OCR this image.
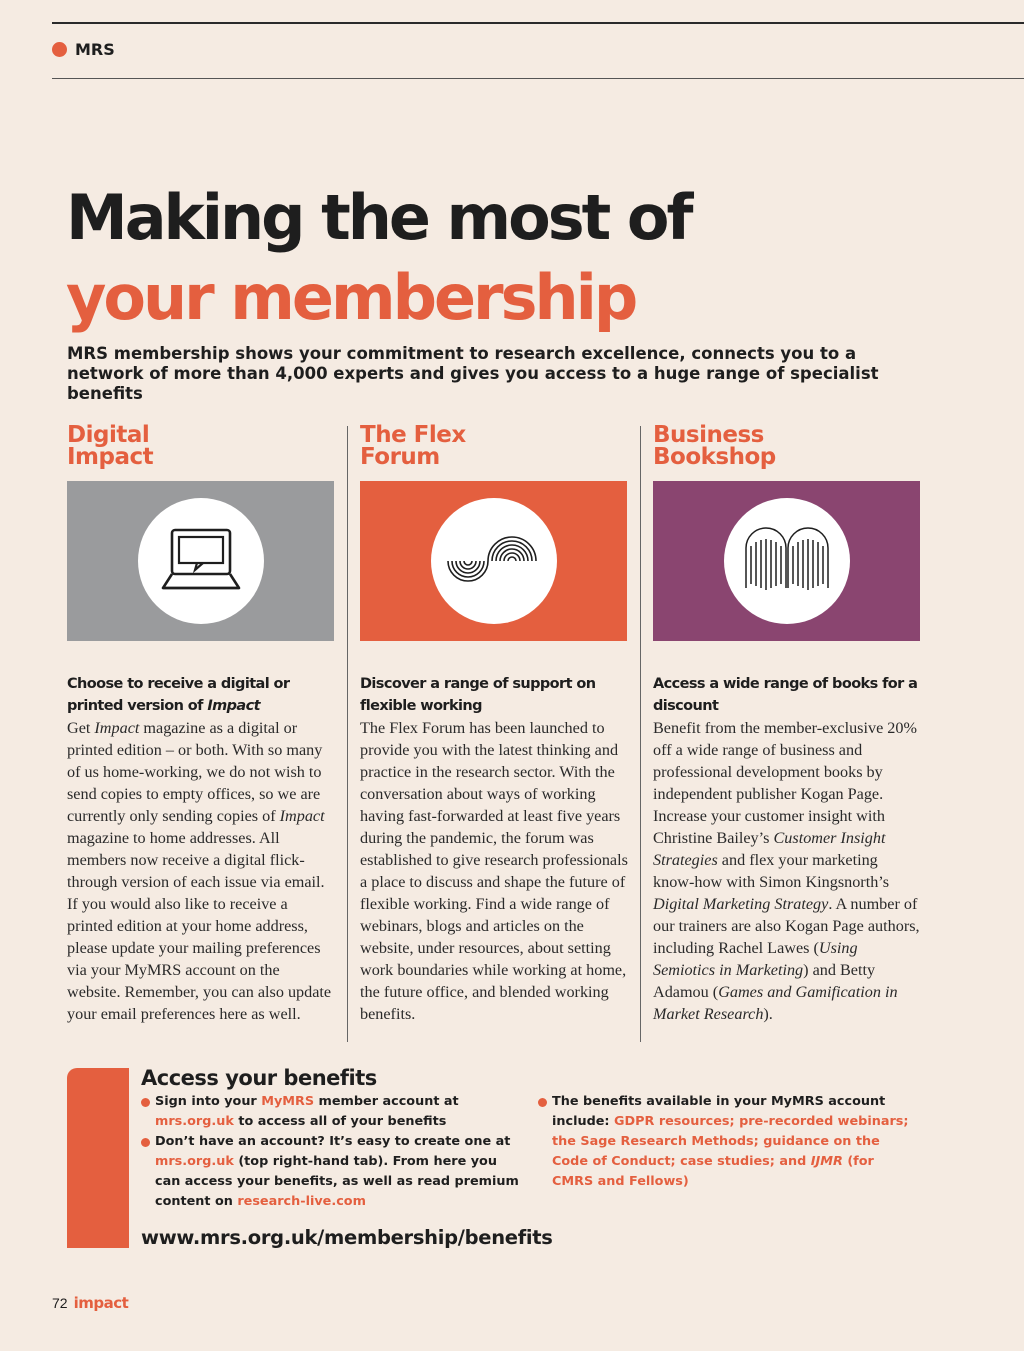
MRS
Making the most of
your membership

MRS membership shows your commitment to research excellence, connects you to a network of more than 4,000 experts and gives you access to a huge range of specialist benefits

Digital
Impact

Choose to receive a digital or printed version of Impact

Get Impact magazine as a digital or printed edition – or both. With so many of us home-working, we do not wish to send copies to empty offices, so we are currently only sending copies of Impact magazine to home addresses. All members now receive a digital flick-through version of each issue via email. If you would also like to receive a printed edition at your home address, please update your mailing preferences via your MyMRS account on the website. Remember, you can also update your email preferences here as well.

The Flex
Forum

Discover a range of support on flexible working

The Flex Forum has been launched to provide you with the latest thinking and practice in the research sector. With the conversation about ways of working having fast-forwarded at least five years during the pandemic, the forum was established to give research professionals a place to discuss and shape the future of flexible working. Find a wide range of webinars, blogs and articles on the website, under resources, about setting work boundaries while working at home, the future office, and blended working benefits.

Business
Bookshop

Access a wide range of books for a discount

Benefit from the member-exclusive 20% off a wide range of business and professional development books by independent publisher Kogan Page. Increase your customer insight with Christine Bailey’s Customer Insight Strategies and flex your marketing know-how with Simon Kingsnorth’s Digital Marketing Strategy. A number of our trainers are also Kogan Page authors, including Rachel Lawes (Using Semiotics in Marketing) and Betty Adamou (Games and Gamification in Market Research).

Access your benefits
Sign into your MyMRS member account at mrs.org.uk to access all of your benefits
Don’t have an account? It’s easy to create one at mrs.org.uk (top right-hand tab). From here you can access your benefits, as well as read premium content on research-live.com
The benefits available in your MyMRS account include: GDPR resources; pre-recorded webinars; the Sage Research Methods; guidance on the Code of Conduct; case studies; and IJMR (for CMRS and Fellows)
www.mrs.org.uk/membership/benefits
72 impact
